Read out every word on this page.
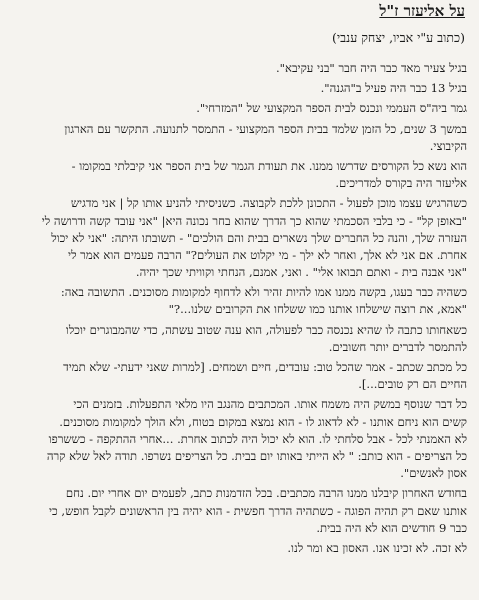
על אליעזר ז"ל
(כתוב ע"י אביו, יצחק ענבי)
בגיל צעיר מאד כבר היה חבר "בני עקיבא".
בגיל 13 כבר היה פעיל ב"הגנה".
גמר ביה"ס העממי ונכנס לבית הספר המקצועי של "המזרחי".
במשך 3 שנים, כל הזמן שלמד בבית הספר המקצועי - התמסר לתנועה. התקשר עם הארגון
הקיבוצי.
הוא נשא כל הקורסים שדרשו ממנו. את תעודת הגמר של בית הספר אני קיבלתי במקומו -
אליעזר היה בקורס למדריכים.
כשהרגיש עצמו מוכן לפעול - התכונן ללכת לקבוצה. כשניסיתי להניע אותו קל | אני מדגיש
"באופן קל" - כי בלבי הסכמתי שהוא כך הדרך שהוא בחר נכונה היא| "אני עובד קשה ודרושה לי
העזרה שלך, והנה כל החברים שלך נשארים בבית והם הולכים" - תשובתו היתה: "אני לא יכול
אחרת. אם אני לא אלך, ואחר לא ילך - מי יקלוט את העולים?" הרבה פעמים הוא אמר לי
"אני אבנה בית - ואתם תבואו אלי" . ואני, אמנם, הנחתי וקוויתי שכך יהיה.
כשהיה כבר בעגו, בקשה ממנו אמו להיות זהיר ולא לדחוף למקומות מסוכנים. התשובה באה:
"אמא, את רוצה שישלחו אותנו כמו ששלחו את הקרובים שלנו...?"
כשאחותו כתבה לו שהיא נכנסה כבר לפעולה, הוא ענה שטוב עשתה, כדי שהמבוגרים יוכלו
להתמסר לדברים יותר חשובים.
כל מכתב שכתב - אמר שהכל טוב: עובדים, חיים ושמחים. [למרות שאני ידעתי- שלא תמיד
החיים הם רק טובים...].
כל דבר שנוסף במשק היה משמח אותו. המכתבים מהנגב היו מלאי התפעלות. בזמנים הכי
קשים הוא ניחם אותנו - לא לדאוג לו - הוא נמצא במקום בטוח, ולא הולך למקומות מסוכנים.
לא האמנתי לכל - אבל סלחתי לו. הוא לא יכול היה לכתוב אחרת. ...אחרי ההתקפה - כששרפו
כל הצריפים - הוא כותב: " לא הייתי באותו יום בבית. כל הצריפים נשרפו. תודה לאל שלא קרה
אסון לאנשים".
בחודש האחרון קיבלנו ממנו הרבה מכתבים. בכל הזדמנות כתב, לפעמים יום אחרי יום. נחם
אותנו שאם רק תהיה הפוגה - כשתהיה הדרך חפשית - הוא יהיה בין הראשונים לקבל חופש, כי
כבר 9 חודשים הוא לא היה בבית.
לא זכה. לא זכינו אנו. האסון בא ומר לנו.
